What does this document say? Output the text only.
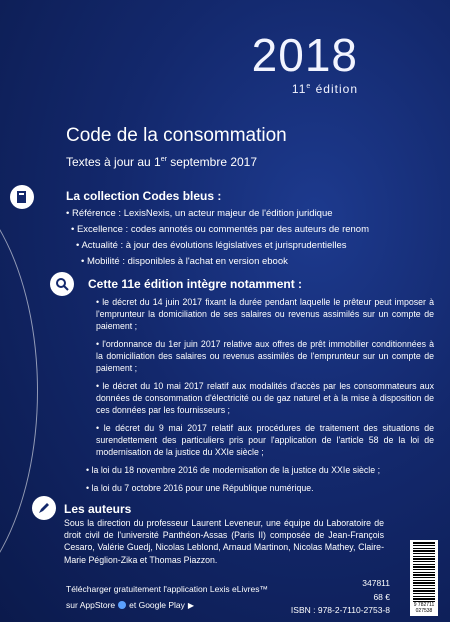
2018
11e édition
Code de la consommation
Textes à jour au 1er septembre 2017
La collection Codes bleus :
• Référence : LexisNexis, un acteur majeur de l'édition juridique
• Excellence : codes annotés ou commentés par des auteurs de renom
• Actualité : à jour des évolutions législatives et jurisprudentielles
• Mobilité : disponibles à l'achat en version ebook
Cette 11e édition intègre notamment :
• le décret du 14 juin 2017 fixant la durée pendant laquelle le prêteur peut imposer à l'emprunteur la domiciliation de ses salaires ou revenus assimilés sur un compte de paiement ;
• l'ordonnance du 1er juin 2017 relative aux offres de prêt immobilier conditionnées à la domiciliation des salaires ou revenus assimilés de l'emprunteur sur un compte de paiement ;
• le décret du 10 mai 2017 relatif aux modalités d'accès par les consommateurs aux données de consommation d'électricité ou de gaz naturel et à la mise à disposition de ces données par les fournisseurs ;
• le décret du 9 mai 2017 relatif aux procédures de traitement des situations de surendettement des particuliers pris pour l'application de l'article 58 de la loi de modernisation de la justice du XXIe siècle ;
• la loi du 18 novembre 2016 de modernisation de la justice du XXIe siècle ;
• la loi du 7 octobre 2016 pour une République numérique.
Les auteurs
Sous la direction du professeur Laurent Leveneur, une équipe du Laboratoire de droit civil de l'université Panthéon-Assas (Paris II) composée de Jean-François Cesaro, Valérie Guedj, Nicolas Leblond, Arnaud Martinon, Nicolas Mathey, Claire-Marie Péglion-Zika et Thomas Piazzon.
Télécharger gratuitement l'application Lexis eLivres™
sur AppStore et Google Play ▶
347811
68 €
ISBN : 978-2-7110-2753-8	9 782711 027538
